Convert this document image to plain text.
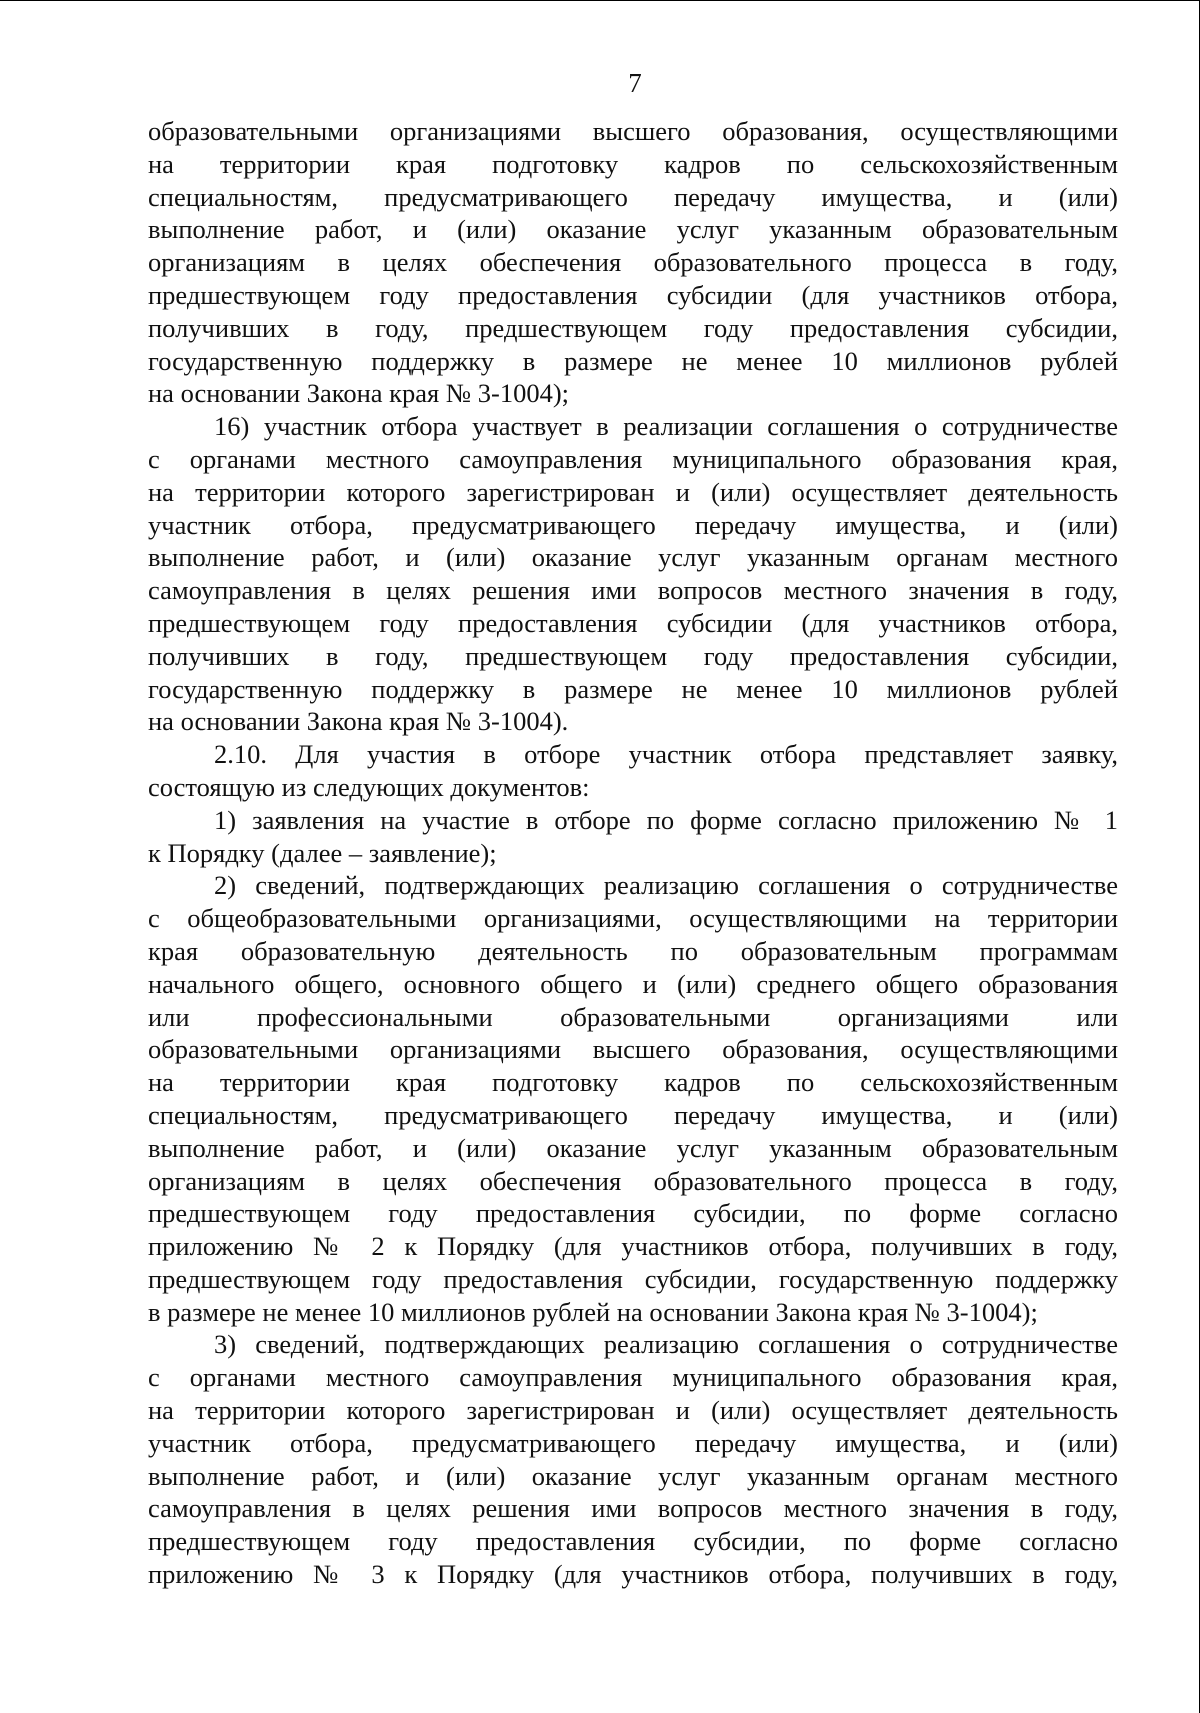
7
образовательными организациями высшего образования, осуществляющими
на территории края подготовку кадров по сельскохозяйственным
специальностям, предусматривающего передачу имущества, и (или)
выполнение работ, и (или) оказание услуг указанным образовательным
организациям в целях обеспечения образовательного процесса в году,
предшествующем году предоставления субсидии (для участников отбора,
получивших в году, предшествующем году предоставления субсидии,
государственную поддержку в размере не менее 10 миллионов рублей
на основании Закона края № 3-1004);
16) участник отбора участвует в реализации соглашения о сотрудничестве
с органами местного самоуправления муниципального образования края,
на территории которого зарегистрирован и (или) осуществляет деятельность
участник отбора, предусматривающего передачу имущества, и (или)
выполнение работ, и (или) оказание услуг указанным органам местного
самоуправления в целях решения ими вопросов местного значения в году,
предшествующем году предоставления субсидии (для участников отбора,
получивших в году, предшествующем году предоставления субсидии,
государственную поддержку в размере не менее 10 миллионов рублей
на основании Закона края № 3-1004).
2.10. Для участия в отборе участник отбора представляет заявку,
состоящую из следующих документов:
1) заявления на участие в отборе по форме согласно приложению № 1
к Порядку (далее – заявление);
2) сведений, подтверждающих реализацию соглашения о сотрудничестве
с общеобразовательными организациями, осуществляющими на территории
края образовательную деятельность по образовательным программам
начального общего, основного общего и (или) среднего общего образования
или профессиональными образовательными организациями или
образовательными организациями высшего образования, осуществляющими
на территории края подготовку кадров по сельскохозяйственным
специальностям, предусматривающего передачу имущества, и (или)
выполнение работ, и (или) оказание услуг указанным образовательным
организациям в целях обеспечения образовательного процесса в году,
предшествующем году предоставления субсидии, по форме согласно
приложению № 2 к Порядку (для участников отбора, получивших в году,
предшествующем году предоставления субсидии, государственную поддержку
в размере не менее 10 миллионов рублей на основании Закона края № 3-1004);
3) сведений, подтверждающих реализацию соглашения о сотрудничестве
с органами местного самоуправления муниципального образования края,
на территории которого зарегистрирован и (или) осуществляет деятельность
участник отбора, предусматривающего передачу имущества, и (или)
выполнение работ, и (или) оказание услуг указанным органам местного
самоуправления в целях решения ими вопросов местного значения в году,
предшествующем году предоставления субсидии, по форме согласно
приложению № 3 к Порядку (для участников отбора, получивших в году,
